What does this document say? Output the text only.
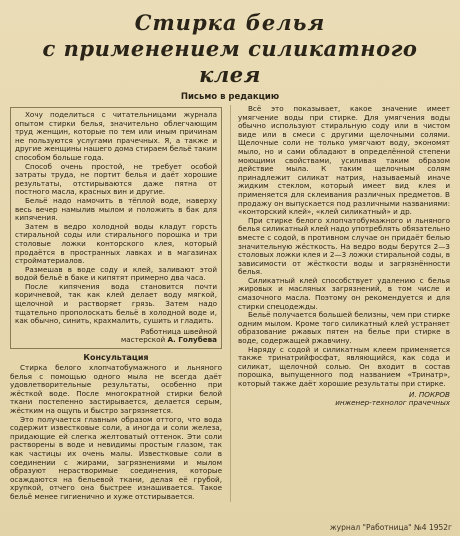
Стирка белья
с применением силикатного клея
Письмо в редакцию

Хочу поделиться с читательницами журнала опытом стирки белья, значительно облегчающим труд женщин, которые по тем или иным причинам не пользуются услугами прачечных. Я, а также и другие женщины нашего дома стираем бельё таким способом больше года.

Способ очень простой, не требует особой затраты труда, не портит белья и даёт хорошие результаты, отстирываются даже пятна от постного масла, красных вин и другие.

Бельё надо намочить в тёплой воде, наверху весь вечер намылив мылом и положить в бак для кипячения.

Затем в ведро холодной воды кладут горсть стиральной соды или стирального порошка и три столовые ложки конторского клея, который продаётся в пространных лавках и в магазинах стройматериалов.

Размешав в воде соду и клей, заливают этой водой бельё в баке и кипятят примерно два часа.

После кипячения вода становится почти коричневой, так как клей делает воду мягкой, щелочной и растворяет грязь. Затем надо тщательно прополоскать бельё в холодной воде и, как обычно, синить, крахмалить, сушить и гладить.

Работница швейной
мастерской А. Голубева
Консультация

Стирка белого хлопчатобумажного и льняного белья с помощью одного мыла не всегда даёт удовлетворительные результаты, особенно при жёсткой воде. После многократной стирки белой ткани постепенно застирывается, делается серым, жёстким на ощупь и быстро загрязняется.

Это получается главным образом оттого, что вода содержит известковые соли, а иногда и соли железа, придающие ей слегка желтоватый оттенок. Эти соли растворены в воде и невидимы простым глазом, так как частицы их очень малы. Известковые соли в соединении с жирами, загрязнениями и мылом образуют нерастворимые соединения, которые осаждаются на бельевой ткани, делая её грубой, хрупкой, отчего она быстрее изнашивается. Такое бельё менее гигиенично и хуже отстирывается.

Всё это показывает, какое значение имеет умягчение воды при стирке. Для умягчения воды обычно используют стиральную соду или в чистом виде или в смеси с другими щелочными солями. Щелочные соли не только умягчают воду, экономят мыло, но и сами обладают в определённой степени моющими свойствами, усиливая таким образом действие мыла. К таким щелочным солям принадлежит силикат натрия, называемый иначе жидким стеклом, который имеет вид клея и применяется для склеивания различных предметов. В продажу он выпускается под различными названиями: «конторский клей», «клей силикатный» и др.

При стирке белого хлопчатобумажного и льняного белья силикатный клей надо употреблять обязательно вместе с содой, в противном случае он придаёт белью значительную жёсткость. На ведро воды берутся 2—3 столовых ложки клея и 2—3 ложки стиральной соды, в зависимости от жёсткости воды и загрязнённости белья.

Силикатный клей способствует удалению с белья жировых и масляных загрязнений, в том числе и смазочного масла. Поэтому он рекомендуется и для стирки спецодежды.

Бельё получается большей белизны, чем при стирке одним мылом. Кроме того силикатный клей устраняет образование ржавых пятен на белье при стирке в воде, содержащей ржавчину.

Наряду с содой и силикатным клеем применяется также тринатрийфосфат, являющийся, как сода и силикат, щелочной солью. Он входит в состав порошка, выпущенного под названием «Тринатр», который также даёт хорошие результаты при стирке.

И. ПОКРОВ
инженер-технолог прачечных
журнал "Работница" №4 1952г
